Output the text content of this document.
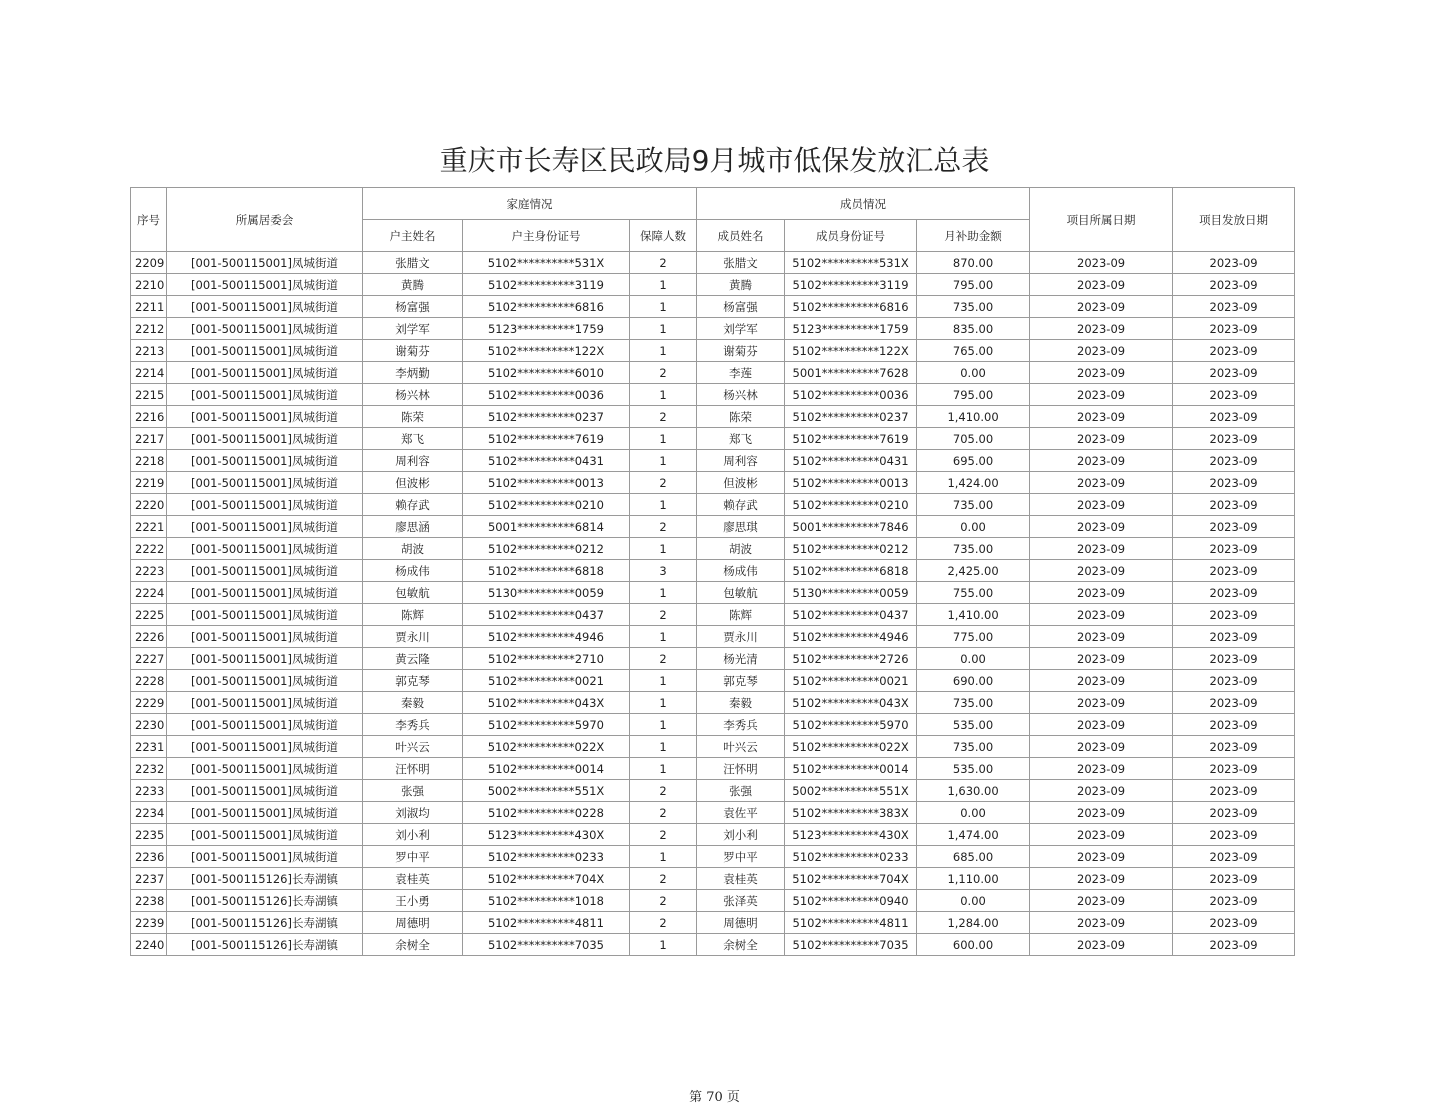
重庆市长寿区民政局9月城市低保发放汇总表
序号	所属居委会	家庭情况			成员情况			项目所属日期	项目发放日期
		户主姓名	户主身份证号	保障人数	成员姓名	成员身份证号	月补助金额		
2209	[001-500115001]凤城街道	张腊文	5102**********531X	2	张腊文	5102**********531X	870.00	2023-09	2023-09
2210	[001-500115001]凤城街道	黄腾	5102**********3119	1	黄腾	5102**********3119	795.00	2023-09	2023-09
2211	[001-500115001]凤城街道	杨富强	5102**********6816	1	杨富强	5102**********6816	735.00	2023-09	2023-09
2212	[001-500115001]凤城街道	刘学军	5123**********1759	1	刘学军	5123**********1759	835.00	2023-09	2023-09
2213	[001-500115001]凤城街道	谢菊芬	5102**********122X	1	谢菊芬	5102**********122X	765.00	2023-09	2023-09
2214	[001-500115001]凤城街道	李炳勤	5102**********6010	2	李莲	5001**********7628	0.00	2023-09	2023-09
2215	[001-500115001]凤城街道	杨兴林	5102**********0036	1	杨兴林	5102**********0036	795.00	2023-09	2023-09
2216	[001-500115001]凤城街道	陈荣	5102**********0237	2	陈荣	5102**********0237	1,410.00	2023-09	2023-09
2217	[001-500115001]凤城街道	郑飞	5102**********7619	1	郑飞	5102**********7619	705.00	2023-09	2023-09
2218	[001-500115001]凤城街道	周利容	5102**********0431	1	周利容	5102**********0431	695.00	2023-09	2023-09
2219	[001-500115001]凤城街道	但波彬	5102**********0013	2	但波彬	5102**********0013	1,424.00	2023-09	2023-09
2220	[001-500115001]凤城街道	赖存武	5102**********0210	1	赖存武	5102**********0210	735.00	2023-09	2023-09
2221	[001-500115001]凤城街道	廖思涵	5001**********6814	2	廖思琪	5001**********7846	0.00	2023-09	2023-09
2222	[001-500115001]凤城街道	胡波	5102**********0212	1	胡波	5102**********0212	735.00	2023-09	2023-09
2223	[001-500115001]凤城街道	杨成伟	5102**********6818	3	杨成伟	5102**********6818	2,425.00	2023-09	2023-09
2224	[001-500115001]凤城街道	包敏航	5130**********0059	1	包敏航	5130**********0059	755.00	2023-09	2023-09
2225	[001-500115001]凤城街道	陈辉	5102**********0437	2	陈辉	5102**********0437	1,410.00	2023-09	2023-09
2226	[001-500115001]凤城街道	贾永川	5102**********4946	1	贾永川	5102**********4946	775.00	2023-09	2023-09
2227	[001-500115001]凤城街道	黄云隆	5102**********2710	2	杨光清	5102**********2726	0.00	2023-09	2023-09
2228	[001-500115001]凤城街道	郭克琴	5102**********0021	1	郭克琴	5102**********0021	690.00	2023-09	2023-09
2229	[001-500115001]凤城街道	秦毅	5102**********043X	1	秦毅	5102**********043X	735.00	2023-09	2023-09
2230	[001-500115001]凤城街道	李秀兵	5102**********5970	1	李秀兵	5102**********5970	535.00	2023-09	2023-09
2231	[001-500115001]凤城街道	叶兴云	5102**********022X	1	叶兴云	5102**********022X	735.00	2023-09	2023-09
2232	[001-500115001]凤城街道	汪怀明	5102**********0014	1	汪怀明	5102**********0014	535.00	2023-09	2023-09
2233	[001-500115001]凤城街道	张强	5002**********551X	2	张强	5002**********551X	1,630.00	2023-09	2023-09
2234	[001-500115001]凤城街道	刘淑均	5102**********0228	2	袁佐平	5102**********383X	0.00	2023-09	2023-09
2235	[001-500115001]凤城街道	刘小利	5123**********430X	2	刘小利	5123**********430X	1,474.00	2023-09	2023-09
2236	[001-500115001]凤城街道	罗中平	5102**********0233	1	罗中平	5102**********0233	685.00	2023-09	2023-09
2237	[001-500115126]长寿湖镇	袁桂英	5102**********704X	2	袁桂英	5102**********704X	1,110.00	2023-09	2023-09
2238	[001-500115126]长寿湖镇	王小勇	5102**********1018	2	张泽英	5102**********0940	0.00	2023-09	2023-09
2239	[001-500115126]长寿湖镇	周德明	5102**********4811	2	周德明	5102**********4811	1,284.00	2023-09	2023-09
2240	[001-500115126]长寿湖镇	余树全	5102**********7035	1	余树全	5102**********7035	600.00	2023-09	2023-09
第 70 页
